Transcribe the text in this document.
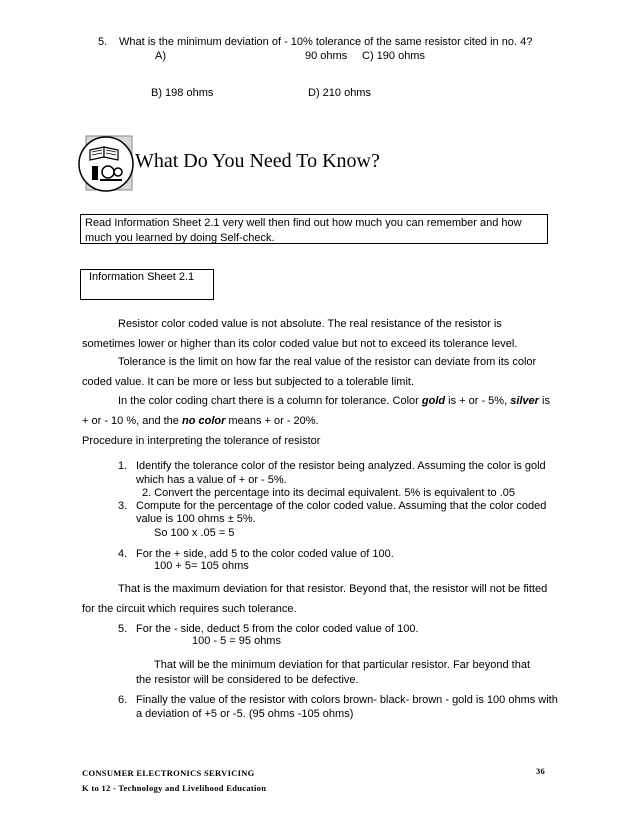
5. What is the minimum deviation of - 10% tolerance of the same resistor cited in no. 4?
A)	90 ohms C) 190 ohms
B) 198 ohms	D) 210 ohms
What Do You Need To Know?
Read Information Sheet 2.1 very well then find out how much you can remember and how much you learned by doing Self-check.
Information Sheet 2.1

Resistor color coded value is not absolute. The real resistance of the resistor is sometimes lower or higher than its color coded value but not to exceed its tolerance level.

Tolerance is the limit on how far the real value of the resistor can deviate from its color coded value. It can be more or less but subjected to a tolerable limit.

In the color coding chart there is a column for tolerance. Color gold is + or - 5%, silver is + or - 10 %, and the no color means + or - 20%.

Procedure in interpreting the tolerance of resistor
1. Identify the tolerance color of the resistor being analyzed. Assuming the color is gold
which has a value of + or - 5%.
2. Convert the percentage into its decimal equivalent. 5% is equivalent to .05
3. Compute for the percentage of the color coded value. Assuming that the color coded
value is 100 ohms ± 5%.
So 100 x .05 = 5
4. For the + side, add 5 to the color coded value of 100.
100 + 5= 105 ohms

That is the maximum deviation for that resistor. Beyond that, the resistor will not be fitted for the circuit which requires such tolerance.

5. For the - side, deduct 5 from the color coded value of 100.
100 - 5 = 95 ohms

That will be the minimum deviation for that particular resistor. Far beyond that the resistor will be considered to be defective.

6. Finally the value of the resistor with colors brown- black- brown - gold is 100 ohms with
a deviation of +5 or -5. (95 ohms -105 ohms)
CONSUMER ELECTRONICS SERVICING	36
K to 12 - Technology and Livelihood Education
